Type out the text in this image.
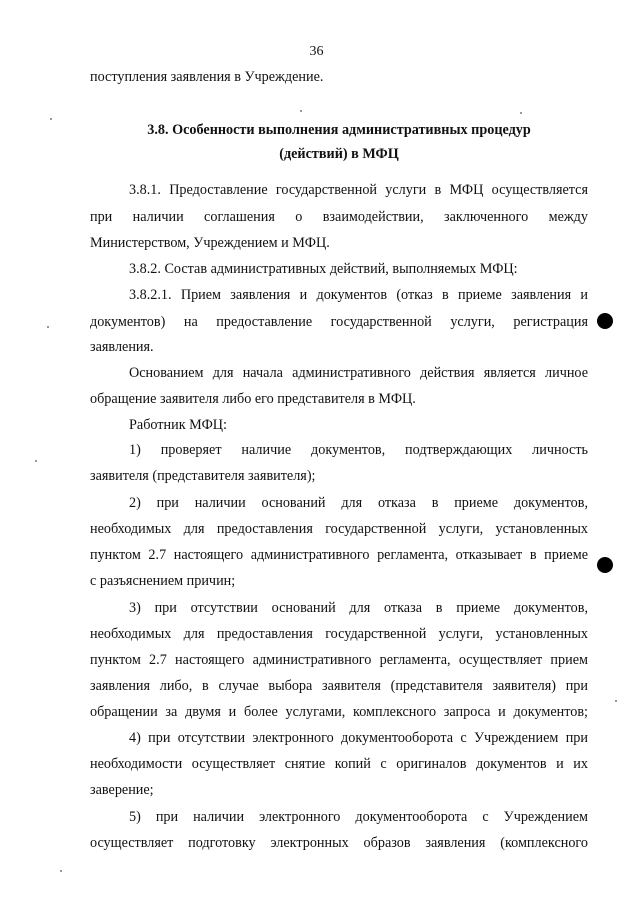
36
поступления заявления в Учреждение.
3.8. Особенности выполнения административных процедур
(действий) в МФЦ
3.8.1. Предоставление государственной услуги в МФЦ осуществляется
при наличии соглашения о взаимодействии, заключенного между
Министерством, Учреждением и МФЦ.
3.8.2. Состав административных действий, выполняемых МФЦ:
3.8.2.1. Прием заявления и документов (отказ в приеме заявления и
документов) на предоставление государственной услуги, регистрация
заявления.
Основанием для начала административного действия является личное
обращение заявителя либо его представителя в МФЦ.
Работник МФЦ:
1) проверяет наличие документов, подтверждающих личность
заявителя (представителя заявителя);
2) при наличии оснований для отказа в приеме документов,
необходимых для предоставления государственной услуги, установленных
пунктом 2.7 настоящего административного регламента, отказывает в приеме
с разъяснением причин;
3) при отсутствии оснований для отказа в приеме документов,
необходимых для предоставления государственной услуги, установленных
пунктом 2.7 настоящего административного регламента, осуществляет прием
заявления либо, в случае выбора заявителя (представителя заявителя) при
обращении за двумя и более услугами, комплексного запроса и документов;
4) при отсутствии электронного документооборота с Учреждением при
необходимости осуществляет снятие копий с оригиналов документов и их
заверение;
5) при наличии электронного документооборота с Учреждением
осуществляет подготовку электронных образов заявления (комплексного
